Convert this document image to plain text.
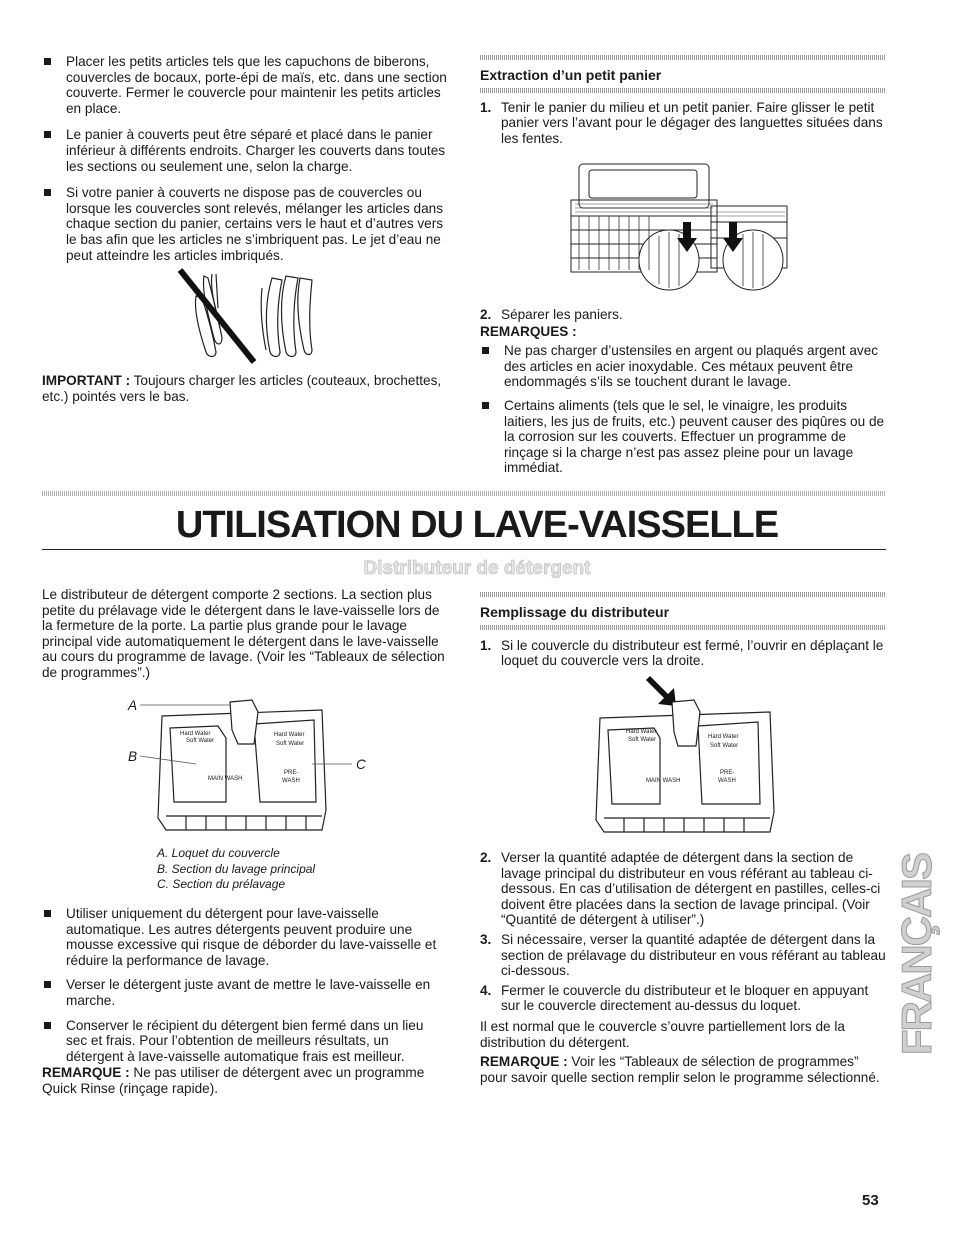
Placer les petits articles tels que les capuchons de biberons, couvercles de bocaux, porte-épi de maïs, etc. dans une section couverte. Fermer le couvercle pour maintenir les petits articles en place.

Le panier à couverts peut être séparé et placé dans le panier inférieur à différents endroits. Charger les couverts dans toutes les sections ou seulement une, selon la charge.

Si votre panier à couverts ne dispose pas de couvercles ou lorsque les couvercles sont relevés, mélanger les articles dans chaque section du panier, certains vers le haut et d’autres vers le bas afin que les articles ne s’imbriquent pas. Le jet d’eau ne peut atteindre les articles imbriqués.

IMPORTANT : Toujours charger les articles (couteaux, brochettes, etc.) pointés vers le bas.

Extraction d’un petit panier
1. Tenir le panier du milieu et un petit panier. Faire glisser le petit panier vers l’avant pour le dégager des languettes situées dans les fentes.
2. Séparer les paniers.
REMARQUES :

Ne pas charger d’ustensiles en argent ou plaqués argent avec des articles en acier inoxydable. Ces métaux peuvent être endommagés s’ils se touchent durant le lavage.

Certains aliments (tels que le sel, le vinaigre, les produits laitiers, les jus de fruits, etc.) peuvent causer des piqûres ou de la corrosion sur les couverts. Effectuer un programme de rinçage si la charge n’est pas assez pleine pour un lavage immédiat.

UTILISATION DU LAVE-VAISSELLE
Distributeur de détergent

Le distributeur de détergent comporte 2 sections. La section plus petite du prélavage vide le détergent dans le lave-vaisselle lors de la fermeture de la porte. La partie plus grande pour le lavage principal vide automatiquement le détergent dans le lave-vaisselle au cours du programme de lavage. (Voir les “Tableaux de sélection de programmes”.)

A
B
C
Hard Water
Soft Water
Hard Water
Soft Water
MAIN WASH
PRE-
WASH
A. Loquet du couvercle
B. Section du lavage principal
C. Section du prélavage

Utiliser uniquement du détergent pour lave-vaisselle automatique. Les autres détergents peuvent produire une mousse excessive qui risque de déborder du lave-vaisselle et réduire la performance de lavage.

Verser le détergent juste avant de mettre le lave-vaisselle en marche.

Conserver le récipient du détergent bien fermé dans un lieu sec et frais. Pour l’obtention de meilleurs résultats, un détergent à lave-vaisselle automatique frais est meilleur.

REMARQUE : Ne pas utiliser de détergent avec un programme Quick Rinse (rinçage rapide).

Remplissage du distributeur
1. Si le couvercle du distributeur est fermé, l’ouvrir en déplaçant le loquet du couvercle vers la droite.
Hard Water
Soft Water	Hard Water
Soft Water
MAIN WASH
PRE-
WASH
2. Verser la quantité adaptée de détergent dans la section de lavage principal du distributeur en vous référant au tableau ci-dessous. En cas d’utilisation de détergent en pastilles, celles-ci doivent être placées dans la section de lavage principal. (Voir “Quantité de détergent à utiliser”.)
3. Si nécessaire, verser la quantité adaptée de détergent dans la section de prélavage du distributeur en vous référant au tableau ci-dessous.
4. Fermer le couvercle du distributeur et le bloquer en appuyant sur le couvercle directement au-dessus du loquet.

Il est normal que le couvercle s’ouvre partiellement lors de la distribution du détergent.

REMARQUE : Voir les “Tableaux de sélection de programmes” pour savoir quelle section remplir selon le programme sélectionné.

FRANÇAIS
53
